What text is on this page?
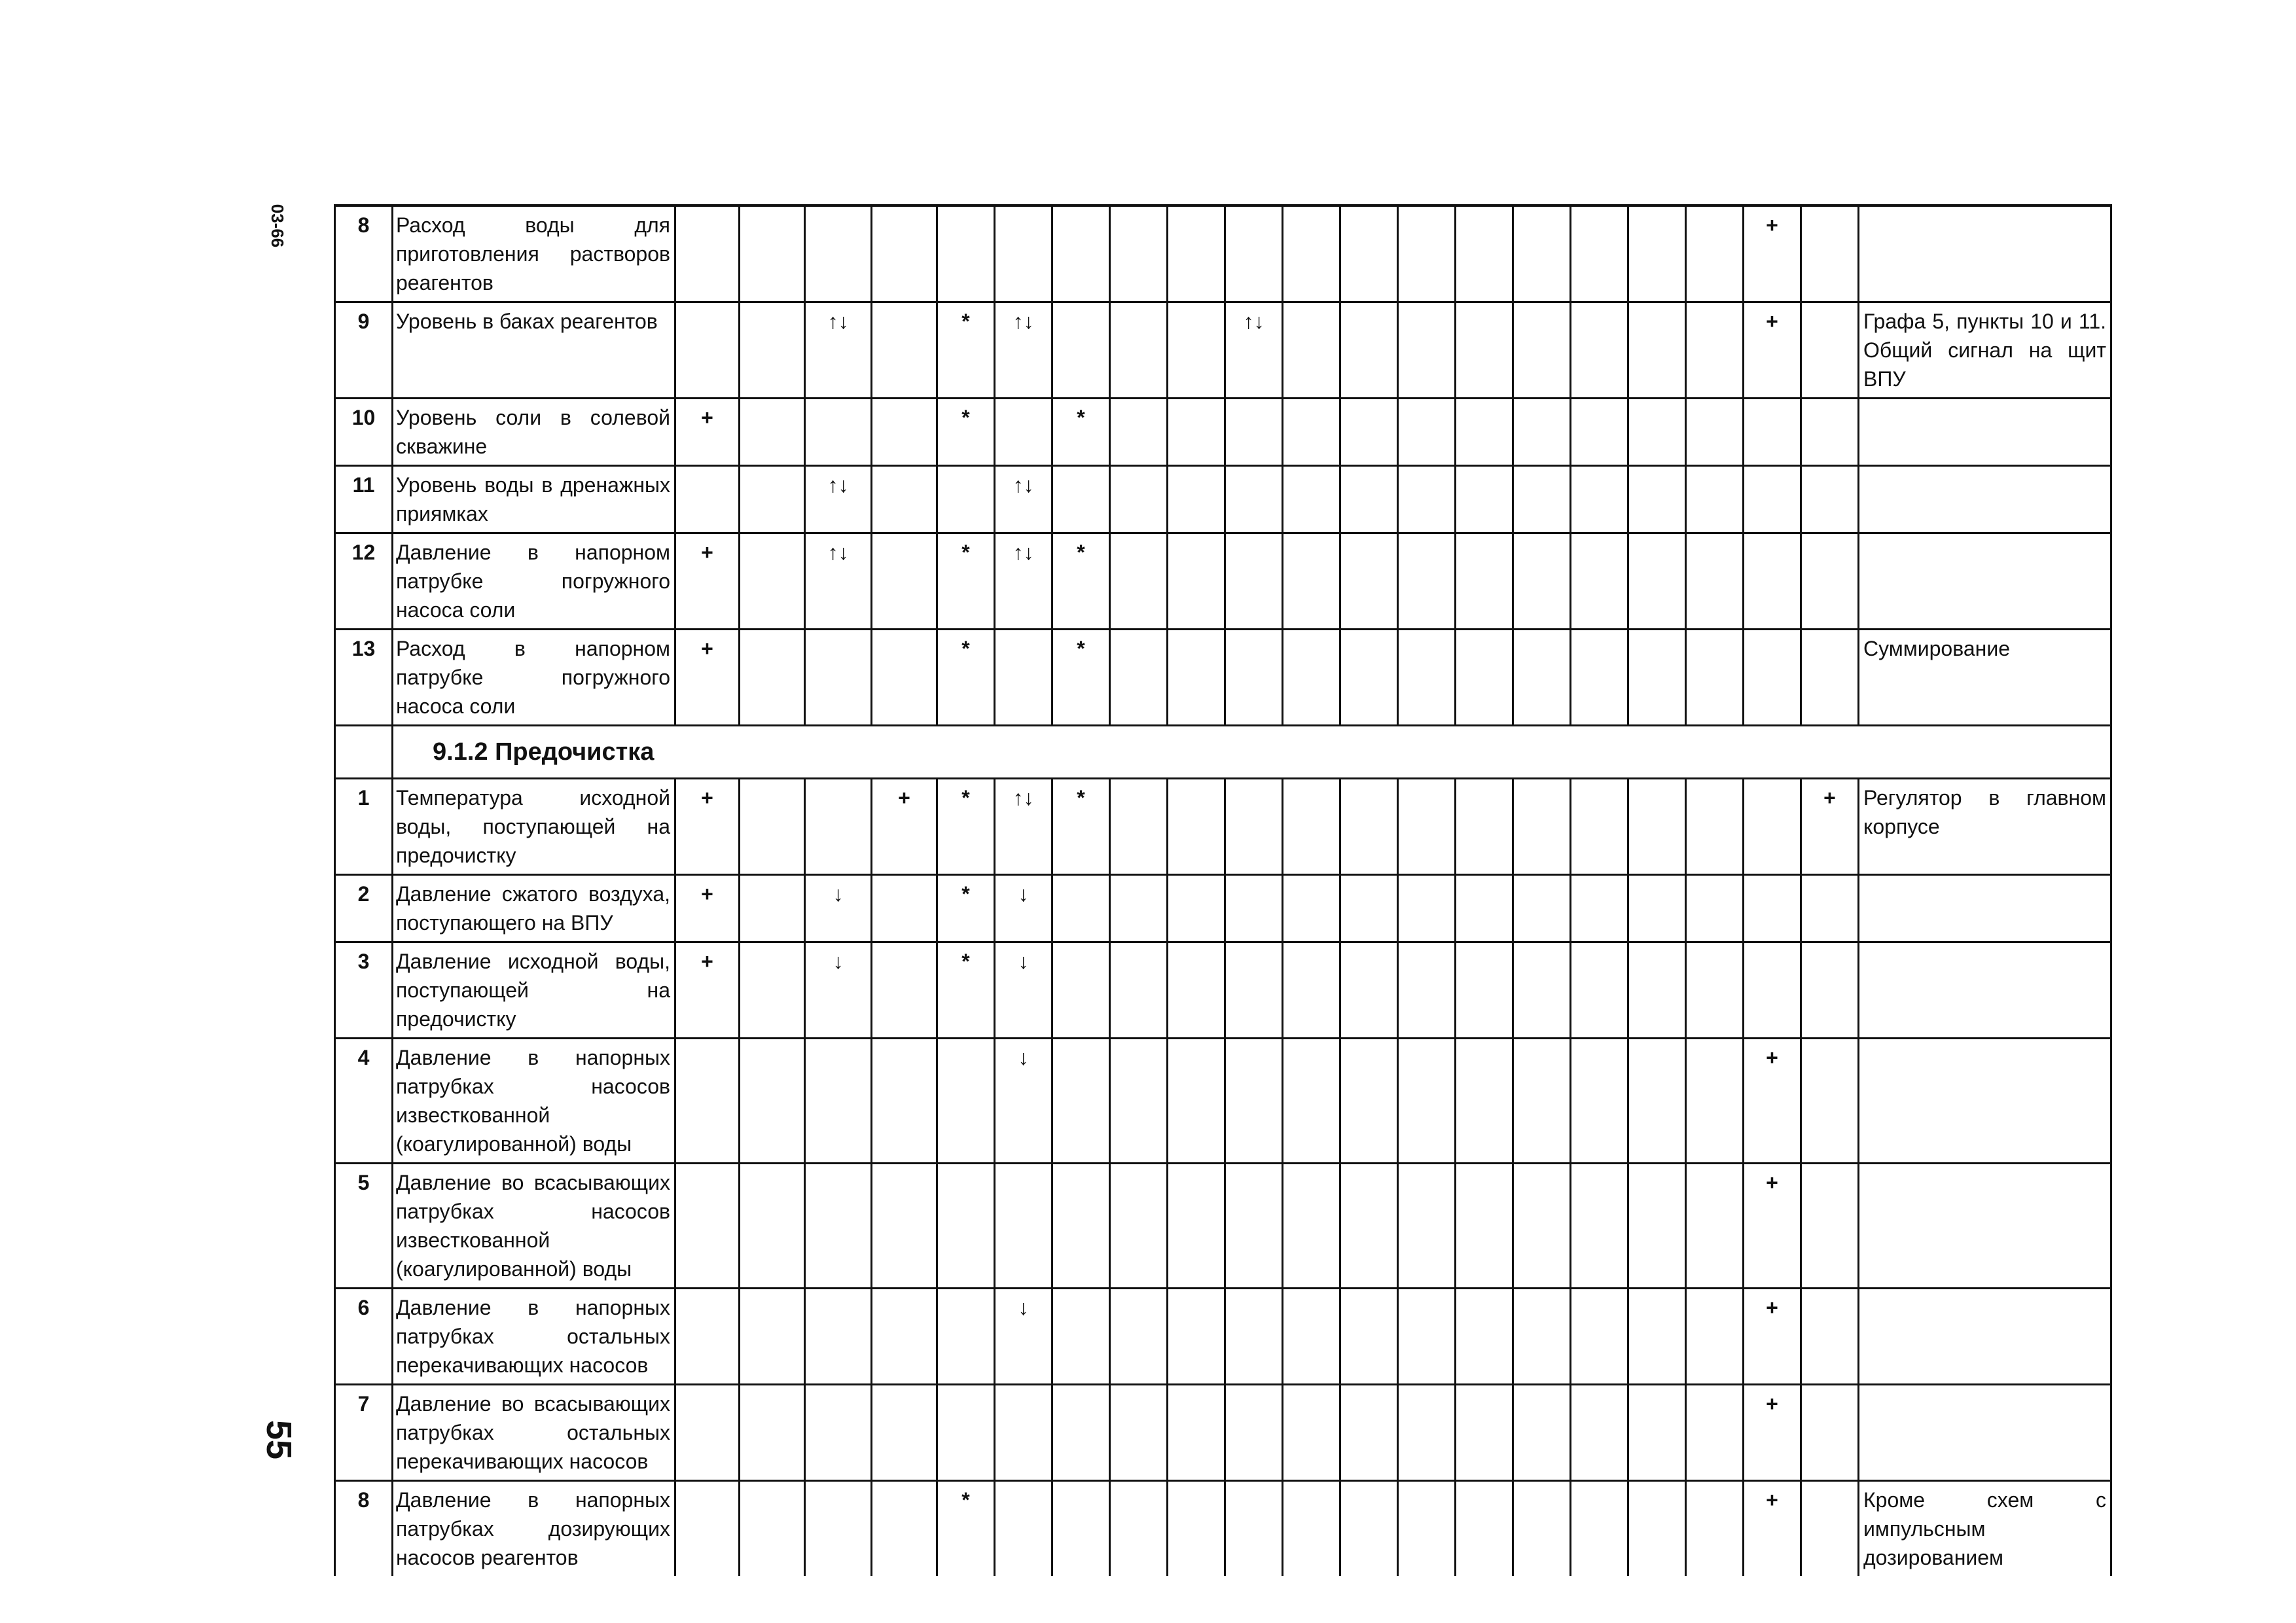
03-66
55
8	Расход воды для приготовления растворов реагентов																			+		
9	Уровень в баках реагентов			↑↓		*	↑↓				↑↓									+		Графа 5, пункты 10 и 11. Общий сигнал на щит ВПУ
10	Уровень соли в солевой скважине	+				*		*														
11	Уровень воды в дренажных приямках			↑↓			↑↓															
12	Давление в напорном патрубке погружного насоса соли	+		↑↓		*	↑↓	*														
13	Расход в напорном патрубке погружного насоса соли	+				*		*														Суммирование
	9.1.2 Предочистка																					
1	Температура исходной воды, поступающей на предочистку	+			+	*	↑↓	*													+	Регулятор в главном корпусе
2	Давление сжатого воздуха, поступающего на ВПУ	+		↓		*	↓															
3	Давление исходной воды, поступающей на предочистку	+		↓		*	↓															
4	Давление в напорных патрубках насосов известкованной (коагулированной) воды						↓													+		
5	Давление во всасывающих патрубках насосов известкованной (коагулированной) воды																			+		
6	Давление в напорных патрубках остальных перекачивающих насосов						↓													+		
7	Давление во всасывающих патрубках остальных перекачивающих насосов																			+		
8	Давление в напорных патрубках дозирующих насосов реагентов					*														+		Кроме схем с импульсным дозированием
